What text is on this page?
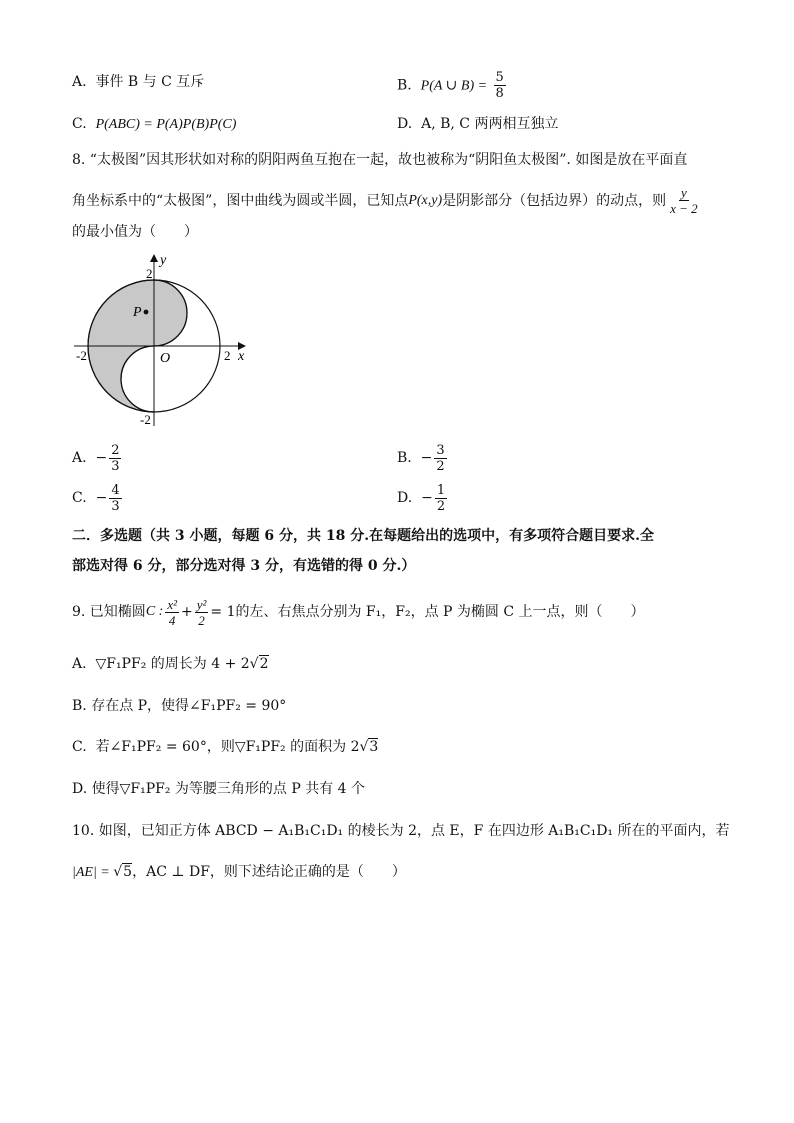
A. 事件 B 与 C 互斥	B. P(A ∪ $B) = \frac{5}{8}$
C. P(ABC) = P(A)P(B)P(C)	D. A, B, C 两两相互独立
8. “太极图”因其形状如对称的阴阳两鱼互抱在一起，故也被称为“阴阳鱼太极图”. 如图是放在平面直
角坐标系中的“太极图”，图中曲线为圆或半圆，已知点 P(x,y) 是阴影部分（包括边界）的动点，则 $\frac{y}{x - 2}$
的最小值为（　　）
P
y
x
O
2
-2
-2	2
A.
− $\frac{2}{3}$	B.
− $\frac{3}{2}$
C.
− $\frac{4}{3}$	D.
− $\frac{1}{2}$
二．多选题（共 3 小题，每题 6 分，共 18 分.在每题给出的选项中，有多项符合题目要求.全
部选对得 6 分，部分选对得 3 分，有选错的得 0 分.）
9. 已知椭圆 C : $\frac{\text{x²}}{4} + \frac{\text{y²}}{2} = 1$ 的左、右焦点分别为 F₁，F₂，点 P 为椭圆 C 上一点，则（　　）
A. ▽F₁PF₂ 的周长为 4 + 2√2
B. 存在点 P，使得∠F₁PF₂ = 90°
C. 若∠F₁PF₂ = 60°，则▽F₁PF₂ 的面积为 2√3
D. 使得▽F₁PF₂ 为等腰三角形的点 P 共有 4 个
10. 如图，已知正方体 ABCD − A₁B₁C₁D₁ 的棱长为 2，点 E，F 在四边形 A₁B₁C₁D₁ 所在的平面内，若
|AE| = √5，AC ⊥ DF，则下述结论正确的是（　　）
